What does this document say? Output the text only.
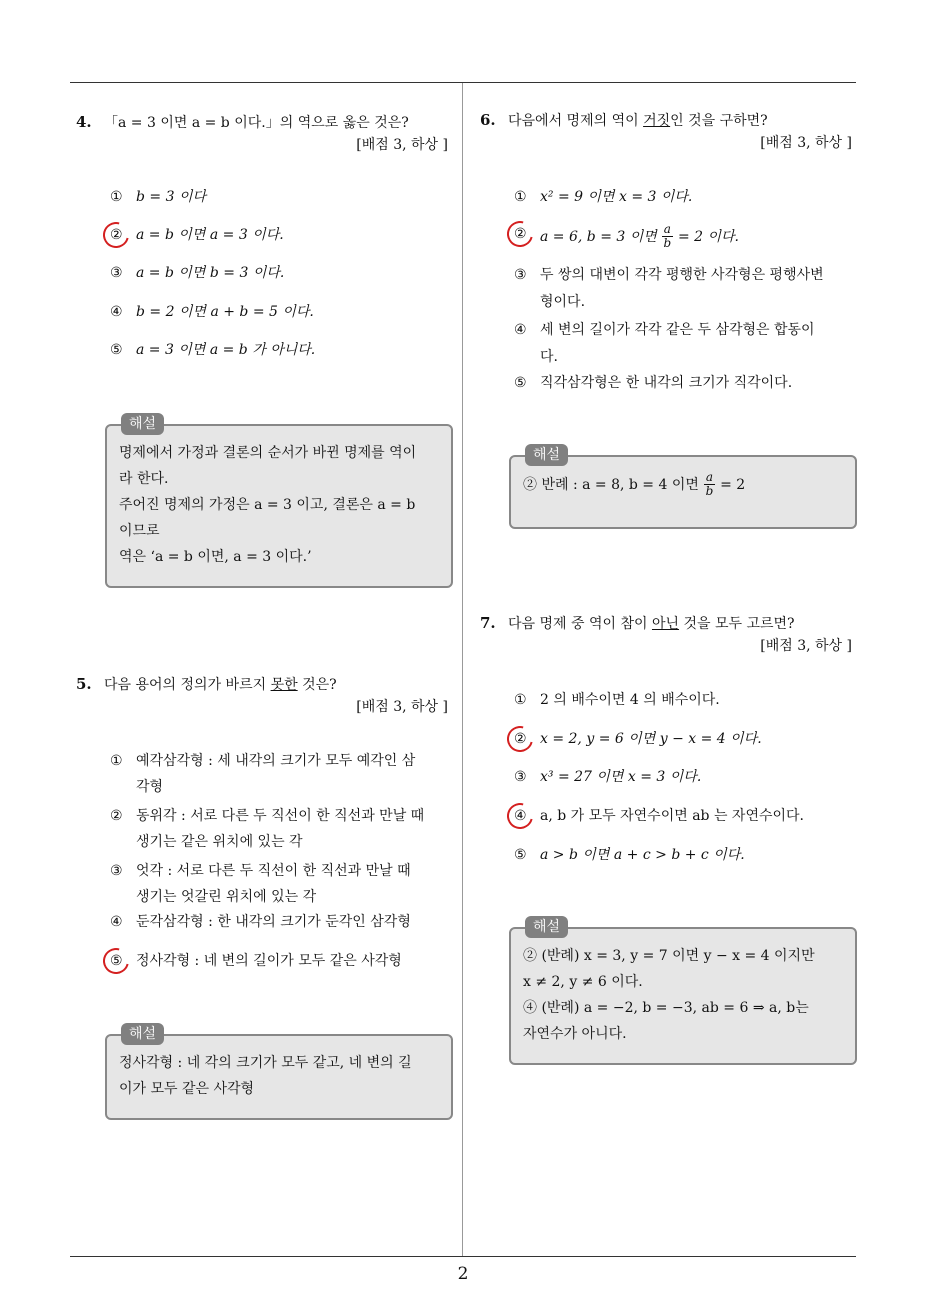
4. 「a = 3 이면 a = b 이다.」의 역으로 옳은 것은?
[배점 3, 하상 ]
① b = 3 이다
② a = b 이면 a = 3 이다.
③ a = b 이면 b = 3 이다.
④ b = 2 이면 a + b = 5 이다.
⑤ a = 3 이면 a = b 가 아니다.
해설

명제에서 가정과 결론의 순서가 바뀐 명제를 역이

라 한다.

주어진 명제의 가정은 a = 3 이고, 결론은 a = b

이므로

역은 ‘a = b 이면, a = 3 이다.’

5. 다음 용어의 정의가 바르지 못한 것은?
[배점 3, 하상 ]
① 예각삼각형 : 세 내각의 크기가 모두 예각인 삼
각형
② 동위각 : 서로 다른 두 직선이 한 직선과 만날 때
생기는 같은 위치에 있는 각
③ 엇각 : 서로 다른 두 직선이 한 직선과 만날 때
생기는 엇갈린 위치에 있는 각
④ 둔각삼각형 : 한 내각의 크기가 둔각인 삼각형
⑤ 정사각형 : 네 변의 길이가 모두 같은 사각형
해설

정사각형 : 네 각의 크기가 모두 같고, 네 변의 길

이가 모두 같은 사각형

6. 다음에서 명제의 역이 거짓인 것을 구하면?
[배점 3, 하상 ]
① x² = 9 이면 x = 3 이다.
② a = 6, b = 3 이면 $\frac{a}{b} = 2$ 이다.
③ 두 쌍의 대변이 각각 평행한 사각형은 평행사변
형이다.
④ 세 변의 길이가 각각 같은 두 삼각형은 합동이
다.
⑤ 직각삼각형은 한 내각의 크기가 직각이다.
해설

② 반례 : a = 8, b = 4 이면 $\frac{a}{b} = 2$

7. 다음 명제 중 역이 참이 아닌 것을 모두 고르면?
[배점 3, 하상 ]
① 2 의 배수이면 4 의 배수이다.
② x = 2, y = 6 이면 y − x = 4 이다.
③ x³ = 27 이면 x = 3 이다.
④ a, b 가 모두 자연수이면 ab 는 자연수이다.
⑤ a > b 이면 a + c > b + c 이다.
해설

② (반례) x = 3, y = 7 이면 y − x = 4 이지만

x ≠ 2, y ≠ 6 이다.

④ (반례) a = −2, b = −3, ab = 6 ⇒ a, b는

자연수가 아니다.

2
